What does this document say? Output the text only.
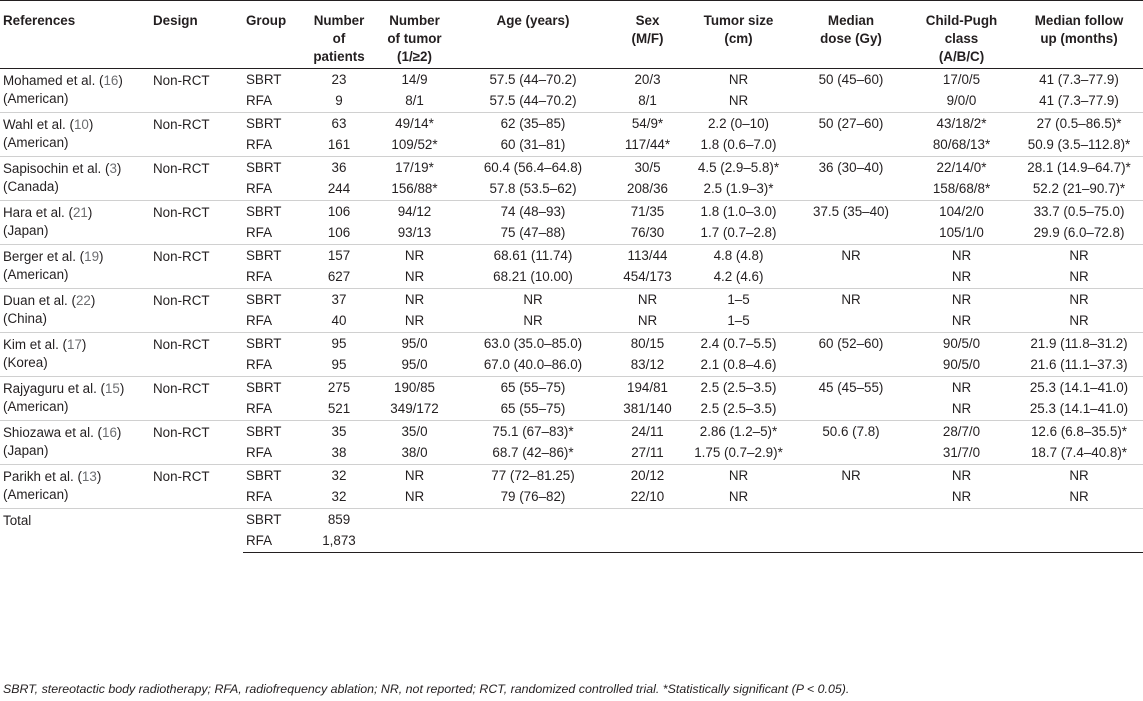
References	Design	Group	Number
of
patients	Number
of tumor
(1/≥2)	Age (years)	Sex
(M/F)	Tumor size
(cm)	Median
dose (Gy)	Child-Pugh
class
(A/B/C)	Median follow
up (months)

Mohamed et al. (16)
(American)	Non-RCT	SBRT	23	14/9	57.5 (44–70.2)	20/3	NR	50 (45–60)	17/0/5	41 (7.3–77.9)
		RFA	9	8/1	57.5 (44–70.2)	8/1	NR		9/0/0	41 (7.3–77.9)
Wahl et al. (10)
(American)	Non-RCT	SBRT	63	49/14*	62 (35–85)	54/9*	2.2 (0–10)	50 (27–60)	43/18/2*	27 (0.5–86.5)*
		RFA	161	109/52*	60 (31–81)	117/44*	1.8 (0.6–7.0)		80/68/13*	50.9 (3.5–112.8)*
Sapisochin et al. (3)
(Canada)	Non-RCT	SBRT	36	17/19*	60.4 (56.4–64.8)	30/5	4.5 (2.9–5.8)*	36 (30–40)	22/14/0*	28.1 (14.9–64.7)*
		RFA	244	156/88*	57.8 (53.5–62)	208/36	2.5 (1.9–3)*		158/68/8*	52.2 (21–90.7)*
Hara et al. (21)
(Japan)	Non-RCT	SBRT	106	94/12	74 (48–93)	71/35	1.8 (1.0–3.0)	37.5 (35–40)	104/2/0	33.7 (0.5–75.0)
		RFA	106	93/13	75 (47–88)	76/30	1.7 (0.7–2.8)		105/1/0	29.9 (6.0–72.8)
Berger et al. (19)
(American)	Non-RCT	SBRT	157	NR	68.61 (11.74)	113/44	4.8 (4.8)	NR	NR	NR
		RFA	627	NR	68.21 (10.00)	454/173	4.2 (4.6)		NR	NR
Duan et al. (22)
(China)	Non-RCT	SBRT	37	NR	NR	NR	1–5	NR	NR	NR
		RFA	40	NR	NR	NR	1–5		NR	NR
Kim et al. (17)
(Korea)	Non-RCT	SBRT	95	95/0	63.0 (35.0–85.0)	80/15	2.4 (0.7–5.5)	60 (52–60)	90/5/0	21.9 (11.8–31.2)
		RFA	95	95/0	67.0 (40.0–86.0)	83/12	2.1 (0.8–4.6)		90/5/0	21.6 (11.1–37.3)
Rajyaguru et al. (15)
(American)	Non-RCT	SBRT	275	190/85	65 (55–75)	194/81	2.5 (2.5–3.5)	45 (45–55)	NR	25.3 (14.1–41.0)
		RFA	521	349/172	65 (55–75)	381/140	2.5 (2.5–3.5)		NR	25.3 (14.1–41.0)
Shiozawa et al. (16)
(Japan)	Non-RCT	SBRT	35	35/0	75.1 (67–83)*	24/11	2.86 (1.2–5)*	50.6 (7.8)	28/7/0	12.6 (6.8–35.5)*
		RFA	38	38/0	68.7 (42–86)*	27/11	1.75 (0.7–2.9)*		31/7/0	18.7 (7.4–40.8)*
Parikh et al. (13)
(American)	Non-RCT	SBRT	32	NR	77 (72–81.25)	20/12	NR	NR	NR	NR
		RFA	32	NR	79 (76–82)	22/10	NR		NR	NR
Total		SBRT	859							
		RFA	1,873							
SBRT, stereotactic body radiotherapy; RFA, radiofrequency ablation; NR, not reported; RCT, randomized controlled trial. *Statistically significant (P < 0.05).
